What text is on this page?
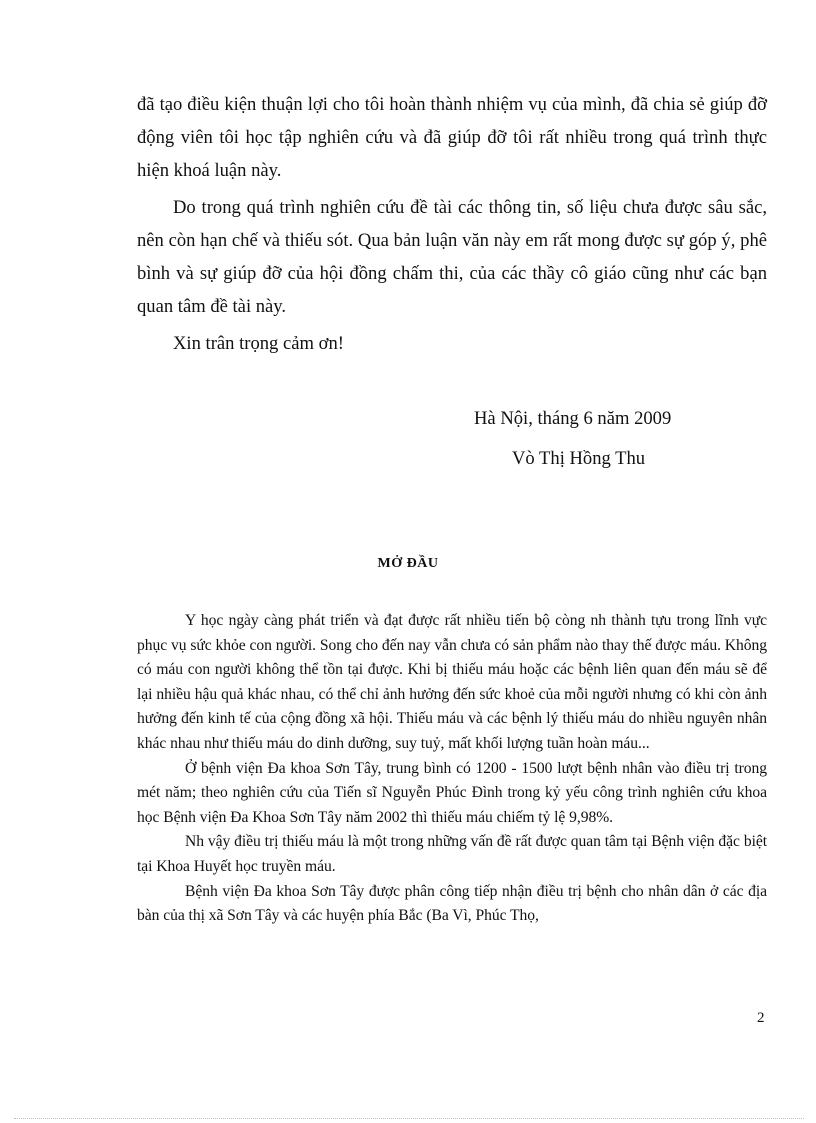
đã tạo điều kiện thuận lợi cho tôi hoàn thành nhiệm vụ của mình, đã chia sẻ giúp đỡ động viên tôi học tập nghiên cứu và đã giúp đỡ tôi rất nhiều trong quá trình thực hiện khoá luận này.

Do trong quá trình nghiên cứu đề tài các thông tin, số liệu chưa được sâu sắc, nên còn hạn chế và thiếu sót. Qua bản luận văn này em rất mong được sự góp ý, phê bình và sự giúp đỡ của hội đồng chấm thi, của các thầy cô giáo cũng như các bạn quan tâm đề tài này.

Xin trân trọng cảm ơn!

Hà Nội, tháng 6 năm 2009
Vò Thị Hồng Thu
MỞ ĐẦU

Y học ngày càng phát triển và đạt được rất nhiều tiến bộ còng nh thành tựu trong lĩnh vực phục vụ sức khỏe con người. Song cho đến nay vẫn chưa có sản phẩm nào thay thế được máu. Không có máu con người không thể tồn tại được. Khi bị thiếu máu hoặc các bệnh liên quan đến máu sẽ để lại nhiều hậu quả khác nhau, có thể chỉ ảnh hưởng đến sức khoẻ của mỗi người nhưng có khi còn ảnh hưởng đến kinh tế của cộng đồng xã hội. Thiếu máu và các bệnh lý thiếu máu do nhiều nguyên nhân khác nhau như thiếu máu do dinh dưỡng, suy tuỷ, mất khối lượng tuần hoàn máu...

Ở bệnh viện Đa khoa Sơn Tây, trung bình có 1200 - 1500 lượt bệnh nhân vào điều trị trong mét năm; theo nghiên cứu của Tiến sĩ Nguyễn Phúc Đình trong kỷ yếu công trình nghiên cứu khoa học Bệnh viện Đa Khoa Sơn Tây năm 2002 thì thiếu máu chiếm tỷ lệ 9,98%.

Nh vậy điều trị thiếu máu là một trong những vấn đề rất được quan tâm tại Bệnh viện đặc biệt tại Khoa Huyết học truyền máu.

Bệnh viện Đa khoa Sơn Tây được phân công tiếp nhận điều trị bệnh cho nhân dân ở các địa bàn của thị xã Sơn Tây và các huyện phía Bắc (Ba Vì, Phúc Thọ,

2
